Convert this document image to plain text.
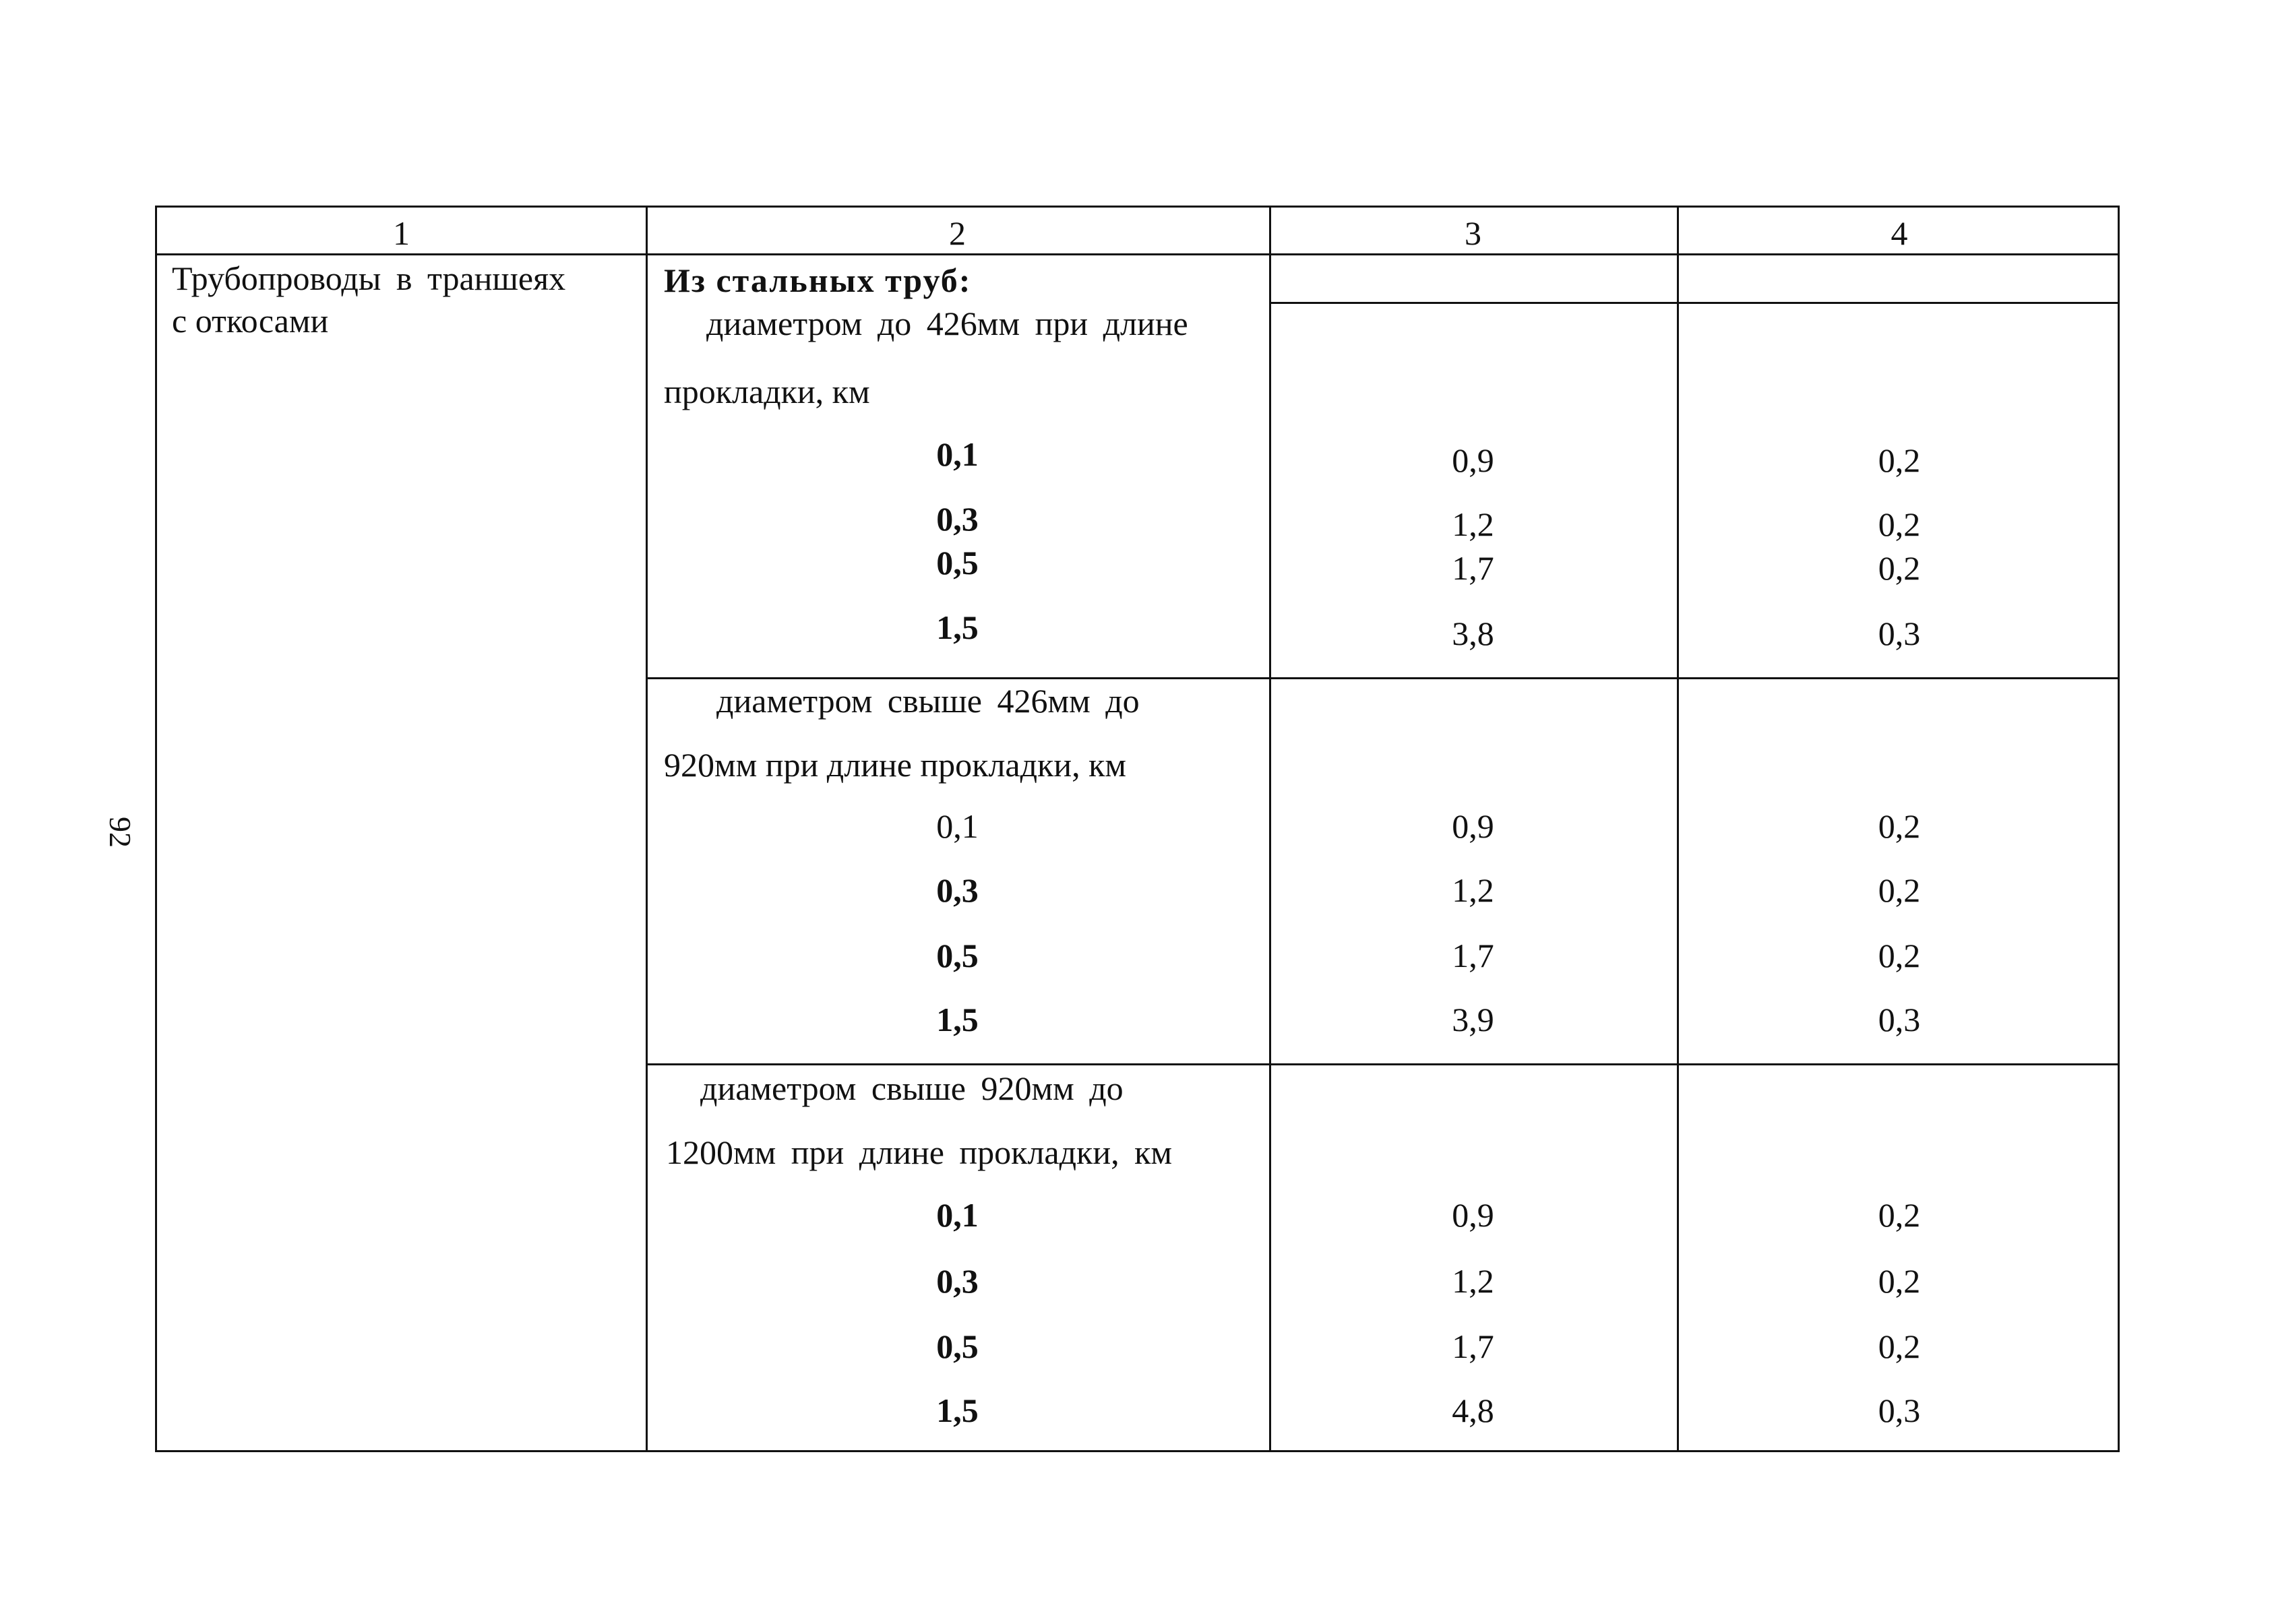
92
1	2	3	4
Трубопроводы в траншеях
с откосами
Из стальных труб:
диаметром до 426мм при длине
прокладки, км
0,1	0,9	0,2
0,3	1,2	0,2
0,5	1,7	0,2
1,5	3,8	0,3
диаметром свыше 426мм до
920мм при длине прокладки, км
0,1	0,9	0,2
0,3	1,2	0,2
0,5	1,7	0,2
1,5	3,9	0,3
диаметром свыше 920мм до
1200мм при длине прокладки, км
0,1	0,9	0,2
0,3	1,2	0,2
0,5	1,7	0,2
1,5	4,8	0,3
